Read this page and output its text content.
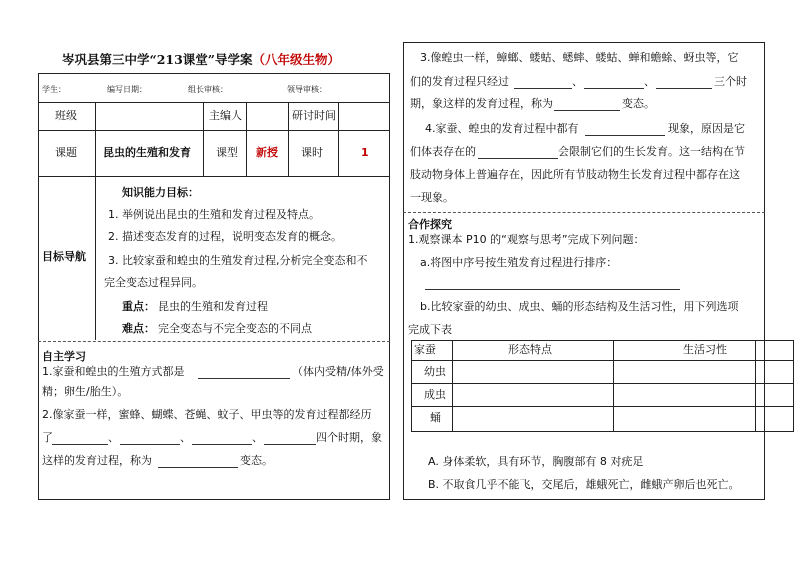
岑巩县第三中学“213课堂”导学案（八年级生物）
学生：	编写日期：	组长审核：	领导审核：
班级	主编人	研讨时间
课题 昆虫的生殖和发育 课型 新授 课时	1
目标导航
知识能力目标：
1. 举例说出昆虫的生殖和发育过程及特点。
2. 描述变态发育的过程，说明变态发育的概念。
3. 比较家蚕和蝗虫的生殖发育过程,分析完全变态和不
完全变态过程异同。
重点： 昆虫的生殖和发育过程
难点： 完全变态与不完全变态的不同点
自主学习
1.家蚕和蝗虫的生殖方式都是	（体内受精/体外受
精；卵生/胎生）。
2.像家蚕一样，蜜蜂、蝴蝶、苍蝇、蚊子、甲虫等的发育过程都经历
了	、	、	、	四个时期，象
这样的发育过程，称为	变态。
3.像蝗虫一样，蟑螂、蝼蛄、蟋蟀、蝼蛄、蝉和蟾蜍、蚜虫等，它
们的发育过程只经过	、	、	三个时
期，象这样的发育过程，称为	变态。
4.家蚕、蝗虫的发育过程中都有	现象，原因是它
们体表存在的	会限制它们的生长发育。这一结构在节
肢动物身体上普遍存在，因此所有节肢动物生长发育过程中都存在这
一现象。
合作探究
1.观察课本 P10 的“观察与思考”完成下列问题：
a.将图中序号按生殖发育过程进行排序：
b.比较家蚕的幼虫、成虫、蛹的形态结构及生活习性，用下列选项
完成下表
家蚕	形态特点	生活习性
幼虫
成虫
蛹
A. 身体柔软，具有环节，胸腹部有 8 对疣足
B. 不取食几乎不能飞，交尾后，雄蛾死亡，雌蛾产卵后也死亡。
